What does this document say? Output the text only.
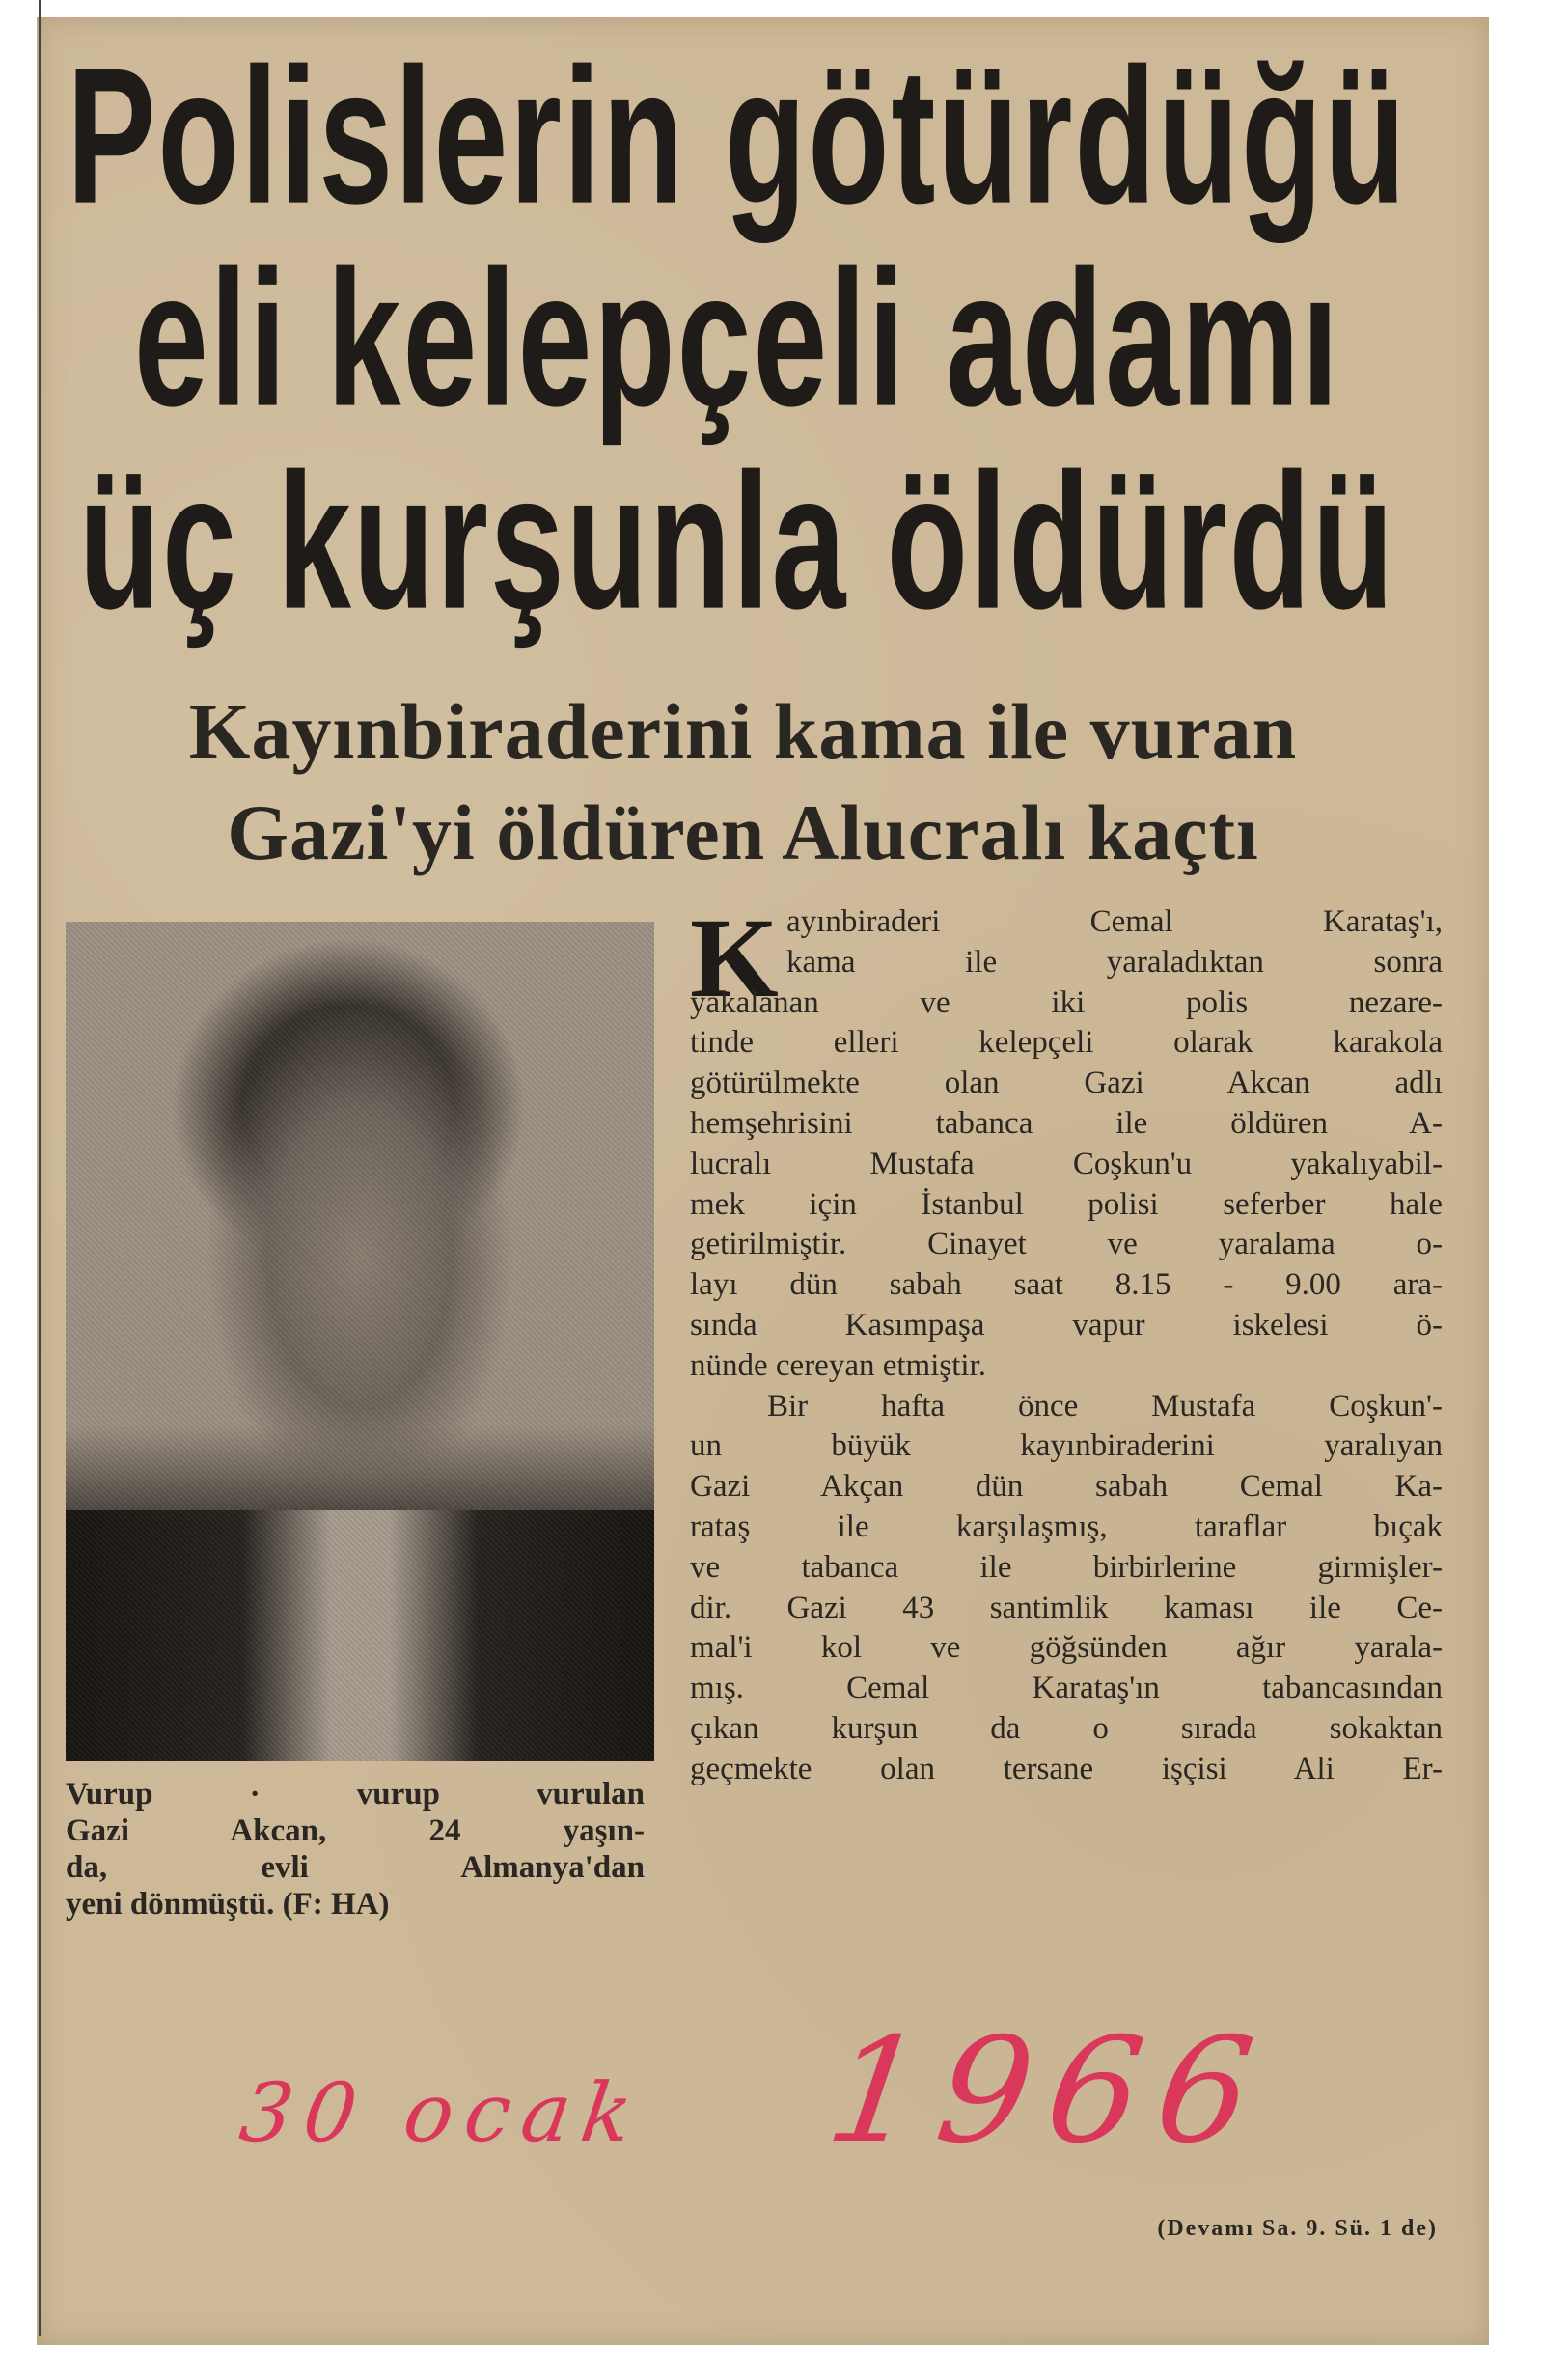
Polislerin götürdüğü
eli kelepçeli adamı
üç kurşunla öldürdü
Kayınbiraderini kama ile vuran
Gazi'yi öldüren Alucralı kaçtı

Vurup · vurup vurulan
Gazi Akcan, 24 yaşın-
da, evli Almanya'dan
yeni dönmüştü. (F: HA)

K ayınbiraderi Cemal Karataş'ı,
kama ile yaraladıktan sonra
yakalanan ve iki polis nezare-
tinde elleri kelepçeli olarak karakola
götürülmekte olan Gazi Akcan adlı
hemşehrisini tabanca ile öldüren A-
lucralı Mustafa Coşkun'u yakalıyabil-
mek için İstanbul polisi seferber hale
getirilmiştir. Cinayet ve yaralama o-
layı dün sabah saat 8.15 - 9.00 ara-
sında Kasımpaşa vapur iskelesi ö-
nünde cereyan etmiştir.
Bir hafta önce Mustafa Coşkun'-
un büyük kayınbiraderini yaralıyan
Gazi Akçan dün sabah Cemal Ka-
rataş ile karşılaşmış, taraflar bıçak
ve tabanca ile birbirlerine girmişler-
dir. Gazi 43 santimlik kaması ile Ce-
mal'i kol ve göğsünden ağır yarala-
mış. Cemal Karataş'ın tabancasından
çıkan kurşun da o sırada sokaktan
geçmekte olan tersane işçisi Ali Er-
(Devamı Sa. 9. Sü. 1 de)
30 ocak 1966
